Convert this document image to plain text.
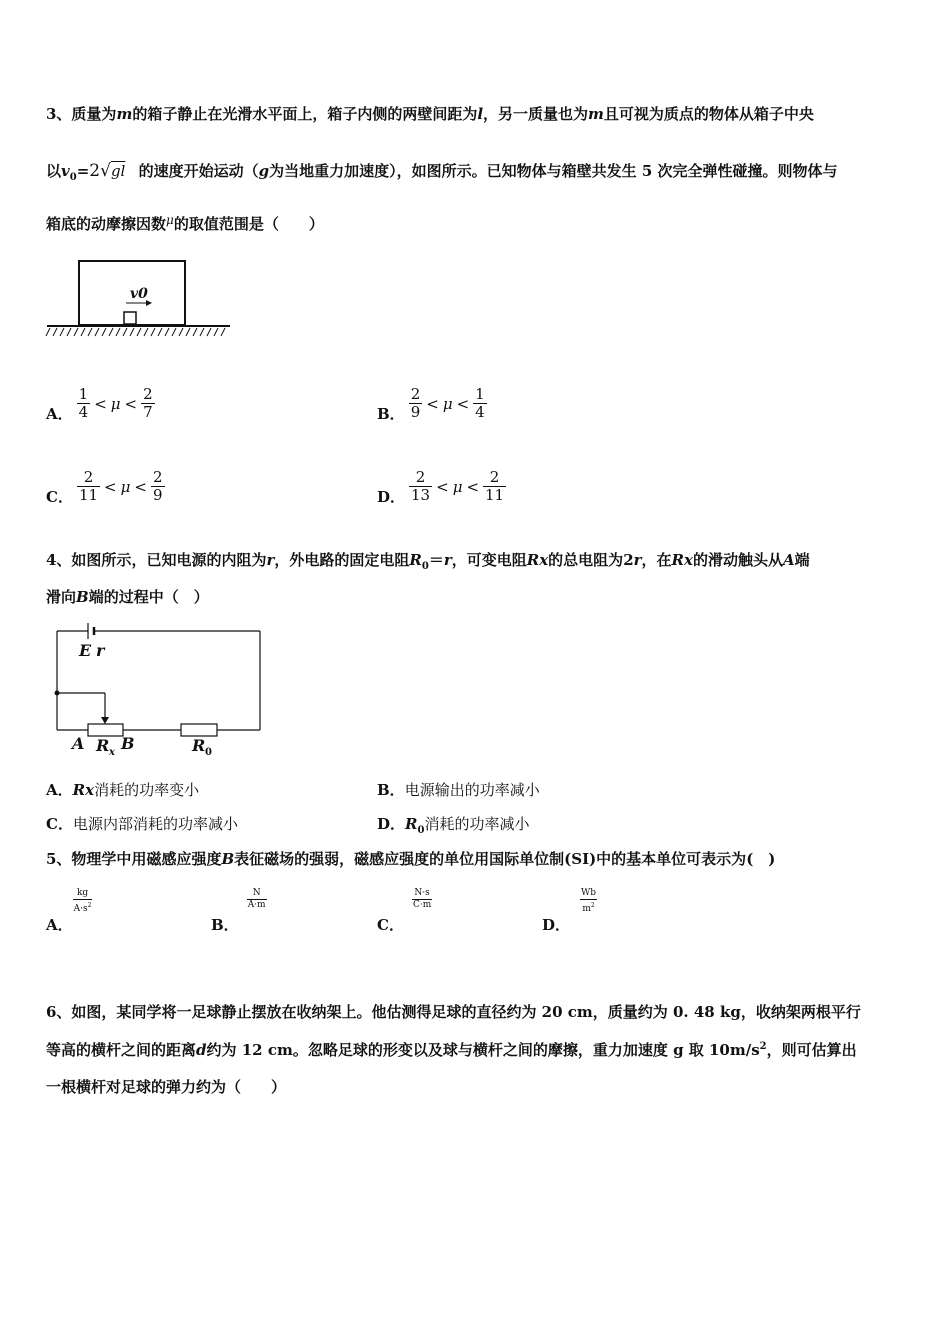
3、质量为m的箱子静止在光滑水平面上，箱子内侧的两壁间距为l，另一质量也为m且可视为质点的物体从箱子中央
以$v_0=2√gl$ 的速度开始运动（g为当地重力加速度），如图所示。已知物体与箱壁共发生 5 次完全弹性碰撞。则物体与
箱底的动摩擦因数$^\mu$的取值范围是（　　）
v0
A． $\frac{1}{4} < \mu < \frac{2}{7}$	B． $\frac{2}{9} < \mu < \frac{1}{4}$
C． $\frac{2}{11} < \mu < \frac{2}{9}$	D． $\frac{2}{13} < \mu < \frac{2}{11}$
4、如图所示，已知电源的内阻为r，外电路的固定电阻$R_0=r$，可变电阻Rx的总电阻为2r，在Rx的滑动触头从A端
滑向B端的过程中（　）
E r
A R x B	R 0
A．Rx消耗的功率变小	B．电源输出的功率减小
C．电源内部消耗的功率减小	D．$R_0$消耗的功率减小
5、物理学中用磁感应强度B表征磁场的强弱，磁感应强度的单位用国际单位制(SI)中的基本单位可表示为(　)
A．
$\frac{kg}{A\cdot s^2}$
B．
$\frac{N}{A\cdot m}$
C．
$\frac{N\cdot s}{C\cdot m}$
D．
$\frac{Wb}{m^2}$
6、如图，某同学将一足球静止摆放在收纳架上。他估测得足球的直径约为 20 cm，质量约为 0. 48 kg，收纳架两根平行
等高的横杆之间的距离d约为 12 cm。忽略足球的形变以及球与横杆之间的摩擦，重力加速度 g 取 $10m/s^2$，则可估算出
一根横杆对足球的弹力约为（　　）
